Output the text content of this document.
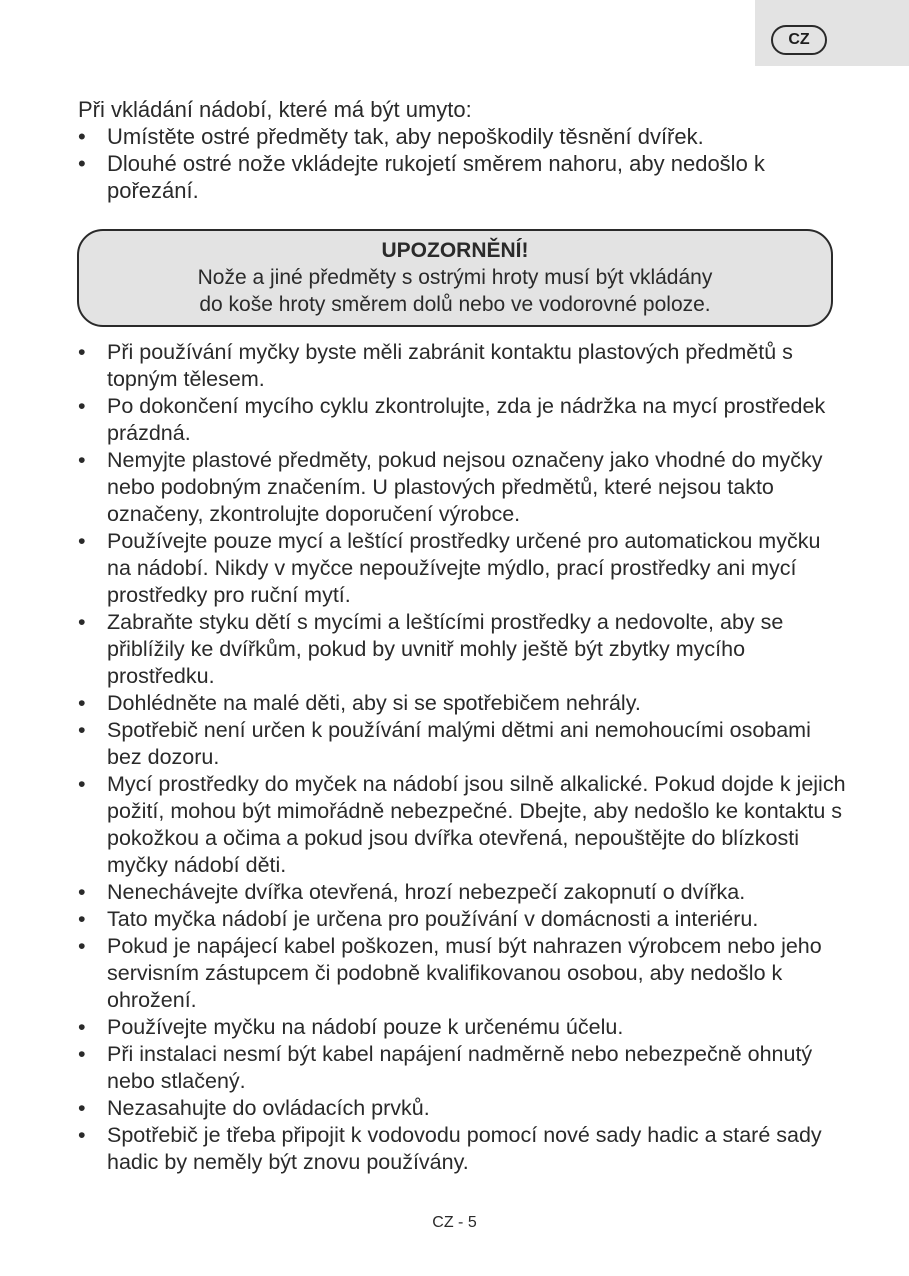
CZ
Při vkládání nádobí, které má být umyto:
• Umístěte ostré předměty tak, aby nepoškodily těsnění dvířek.
• Dlouhé ostré nože vkládejte rukojetí směrem nahoru, aby nedošlo k pořezání.
UPOZORNĚNÍ!
Nože a jiné předměty s ostrými hroty musí být vkládány
do koše hroty směrem dolů nebo ve vodorovné poloze.
• Při používání myčky byste měli zabránit kontaktu plastových předmětů s topným tělesem.
• Po dokončení mycího cyklu zkontrolujte, zda je nádržka na mycí prostředek prázdná.
• Nemyjte plastové předměty, pokud nejsou označeny jako vhodné do myčky nebo podobným značením. U plastových předmětů, které nejsou takto označeny, zkontrolujte doporučení výrobce.
• Používejte pouze mycí a leštící prostředky určené pro automatickou myčku na nádobí. Nikdy v myčce nepoužívejte mýdlo, prací prostředky ani mycí prostředky pro ruční mytí.
• Zabraňte styku dětí s mycími a leštícími prostředky a nedovolte, aby se přiblížily ke dvířkům, pokud by uvnitř mohly ještě být zbytky mycího prostředku.
• Dohlédněte na malé děti, aby si se spotřebičem nehrály.
• Spotřebič není určen k používání malými dětmi ani nemohoucími osobami bez dozoru.
• Mycí prostředky do myček na nádobí jsou silně alkalické. Pokud dojde k jejich požití, mohou být mimořádně nebezpečné. Dbejte, aby nedošlo ke kontaktu s pokožkou a očima a pokud jsou dvířka otevřená, nepouštějte do blízkosti myčky nádobí děti.
• Nenechávejte dvířka otevřená, hrozí nebezpečí zakopnutí o dvířka.
• Tato myčka nádobí je určena pro používání v domácnosti a interiéru.
• Pokud je napájecí kabel poškozen, musí být nahrazen výrobcem nebo jeho servisním zástupcem či podobně kvalifikovanou osobou, aby nedošlo k ohrožení.
• Používejte myčku na nádobí pouze k určenému účelu.
• Při instalaci nesmí být kabel napájení nadměrně nebo nebezpečně ohnutý nebo stlačený.
• Nezasahujte do ovládacích prvků.
• Spotřebič je třeba připojit k vodovodu pomocí nové sady hadic a staré sady hadic by neměly být znovu používány.
CZ - 5
